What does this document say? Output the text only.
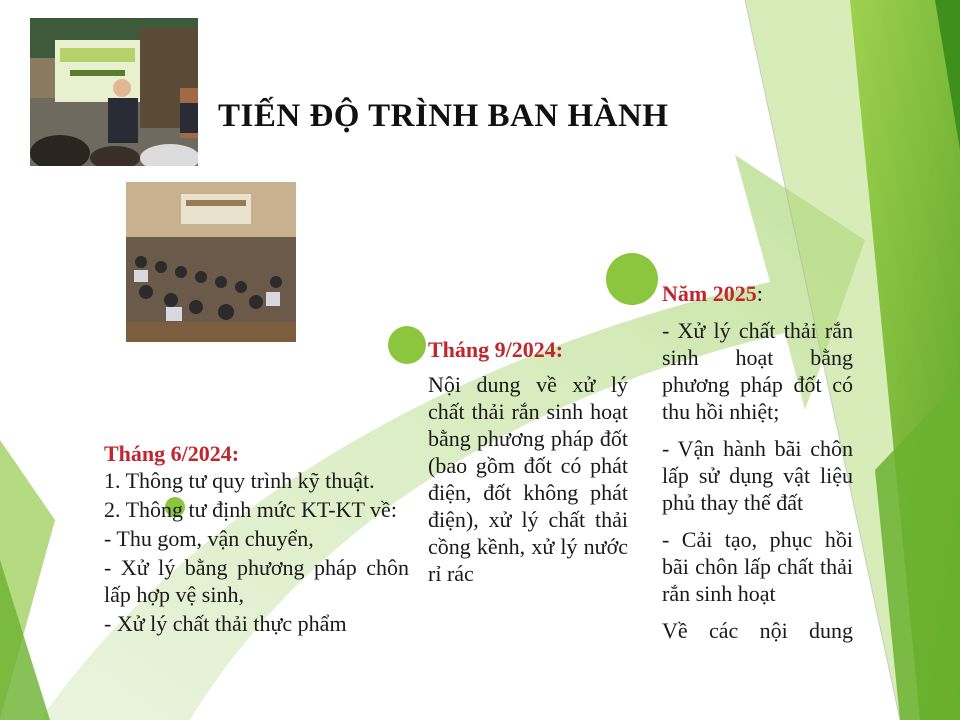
TIẾN ĐỘ TRÌNH BAN HÀNH
Tháng 6/2024:

1. Thông tư quy trình kỹ thuật.

2. Thông tư định mức KT-KT về:

- Thu gom, vận chuyển,

- Xử lý bằng phương pháp chôn lấp hợp vệ sinh,

- Xử lý chất thải thực phẩm

Tháng 9/2024:

Nội dung về xử lý chất thải rắn sinh hoạt bằng phương pháp đốt (bao gồm đốt có phát điện, đốt không phát điện), xử lý chất thải cồng kềnh, xử lý nước rỉ rác

Năm 2025:

- Xử lý chất thải rắn sinh hoạt bằng phương pháp đốt có thu hồi nhiệt;

- Vận hành bãi chôn lấp sử dụng vật liệu phủ thay thế đất

- Cải tạo, phục hồi bãi chôn lấp chất thải rắn sinh hoạt

Về các nội dung
